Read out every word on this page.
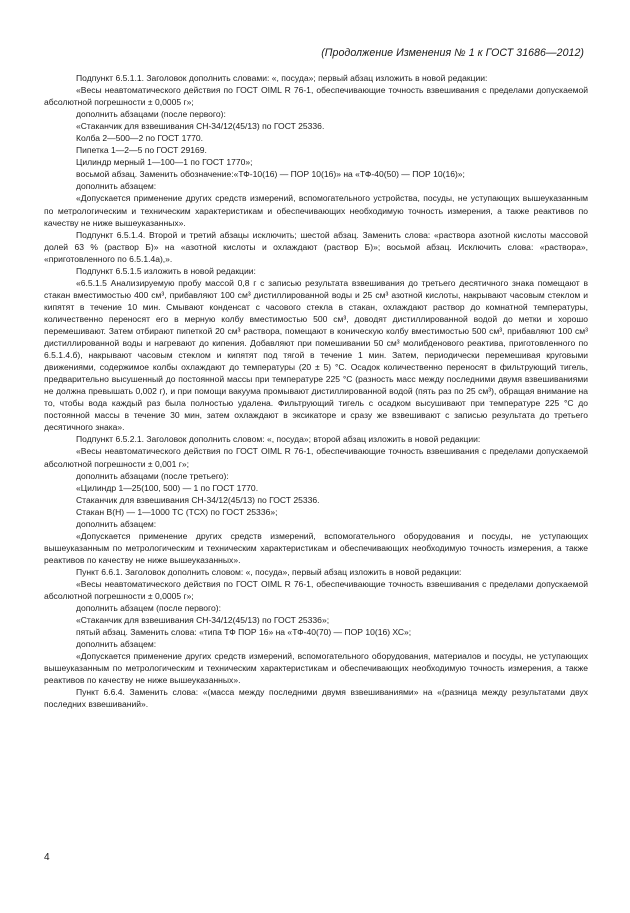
(Продолжение Изменения № 1 к ГОСТ 31686—2012)

Подпункт 6.5.1.1. Заголовок дополнить словами: «, посуда»; первый абзац изложить в новой редакции:

«Весы неавтоматического действия по ГОСТ OIML R 76-1, обеспечивающие точность взвешивания с пределами допускаемой абсолютной погрешности ± 0,0005 г»;

дополнить абзацами (после первого):

«Стаканчик для взвешивания СН-34/12(45/13) по ГОСТ 25336.

Колба 2—500—2 по ГОСТ 1770.

Пипетка 1—2—5 по ГОСТ 29169.

Цилиндр мерный 1—100—1 по ГОСТ 1770»;

восьмой абзац. Заменить обозначение:«ТФ-10(16) — ПОР 10(16)» на «ТФ-40(50) — ПОР 10(16)»;

дополнить абзацем:

«Допускается применение других средств измерений, вспомогательного устройства, посуды, не уступающих вышеуказанным по метрологическим и техническим характеристикам и обеспечивающих необходимую точность измерения, а также реактивов по качеству не ниже вышеуказанных».

Подпункт 6.5.1.4. Второй и третий абзацы исключить; шестой абзац. Заменить слова: «раствора азотной кислоты массовой долей 63 % (раствор Б)» на «азотной кислоты и охлаждают (раствор Б)»; восьмой абзац. Исключить слова: «раствора», «приготовленного по 6.5.1.4а),».

Подпункт 6.5.1.5 изложить в новой редакции:

«6.5.1.5 Анализируемую пробу массой 0,8 г с записью результата взвешивания до третьего десятичного знака помещают в стакан вместимостью 400 см³, прибавляют 100 см³ дистиллированной воды и 25 см³ азотной кислоты, накрывают часовым стеклом и кипятят в течение 10 мин. Смывают конденсат с часового стекла в стакан, охлаждают раствор до комнатной температуры, количественно переносят его в мерную колбу вместимостью 500 см³, доводят дистиллированной водой до метки и хорошо перемешивают. Затем отбирают пипеткой 20 см³ раствора, помещают в коническую колбу вместимостью 500 см³, прибавляют 100 см³ дистиллированной воды и нагревают до кипения. Добавляют при помешивании 50 см³ молибденового реактива, приготовленного по 6.5.1.4.б), накрывают часовым стеклом и кипятят под тягой в течение 1 мин. Затем, периодически перемешивая круговыми движениями, содержимое колбы охлаждают до температуры (20 ± 5) °С. Осадок количественно переносят в фильтрующий тигель, предварительно высушенный до постоянной массы при температуре 225 °С (разность масс между последними двумя взвешиваниями не должна превышать 0,002 г), и при помощи вакуума промывают дистиллированной водой (пять раз по 25 см³), обращая внимание на то, чтобы вода каждый раз была полностью удалена. Фильтрующий тигель с осадком высушивают при температуре 225 °С до постоянной массы в течение 30 мин, затем охлаждают в эксикаторе и сразу же взвешивают с записью результата до третьего десятичного знака».

Подпункт 6.5.2.1. Заголовок дополнить словом: «, посуда»; второй абзац изложить в новой редакции:

«Весы неавтоматического действия по ГОСТ OIML R 76-1, обеспечивающие точность взвешивания с пределами допускаемой абсолютной погрешности ± 0,001 г»;

дополнить абзацами (после третьего):

«Цилиндр 1—25(100, 500) — 1 по ГОСТ 1770.

Стаканчик для взвешивания СН-34/12(45/13) по ГОСТ 25336.

Стакан В(Н) — 1—1000 ТС (ТСХ) по ГОСТ 25336»;

дополнить абзацем:

«Допускается применение других средств измерений, вспомогательного оборудования и посуды, не уступающих вышеуказанным по метрологическим и техническим характеристикам и обеспечивающих необходимую точность измерения, а также реактивов по качеству не ниже вышеуказанных».

Пункт 6.6.1. Заголовок дополнить словом: «, посуда», первый абзац изложить в новой редакции:

«Весы неавтоматического действия по ГОСТ OIML R 76-1, обеспечивающие точность взвешивания с пределами допускаемой абсолютной погрешности ± 0,0005 г»;

дополнить абзацем (после первого):

«Стаканчик для взвешивания СН-34/12(45/13) по ГОСТ 25336»;

пятый абзац. Заменить слова: «типа ТФ ПОР 16» на «ТФ-40(70) — ПОР 10(16) ХС»;

дополнить абзацем:

«Допускается применение других средств измерений, вспомогательного оборудования, материалов и посуды, не уступающих вышеуказанным по метрологическим и техническим характеристикам и обеспечивающих необходимую точность измерения, а также реактивов по качеству не ниже вышеуказанных».

Пункт 6.6.4. Заменить слова: «(масса между последними двумя взвешиваниями» на «(разница между результатами двух последних взвешиваний».

4
